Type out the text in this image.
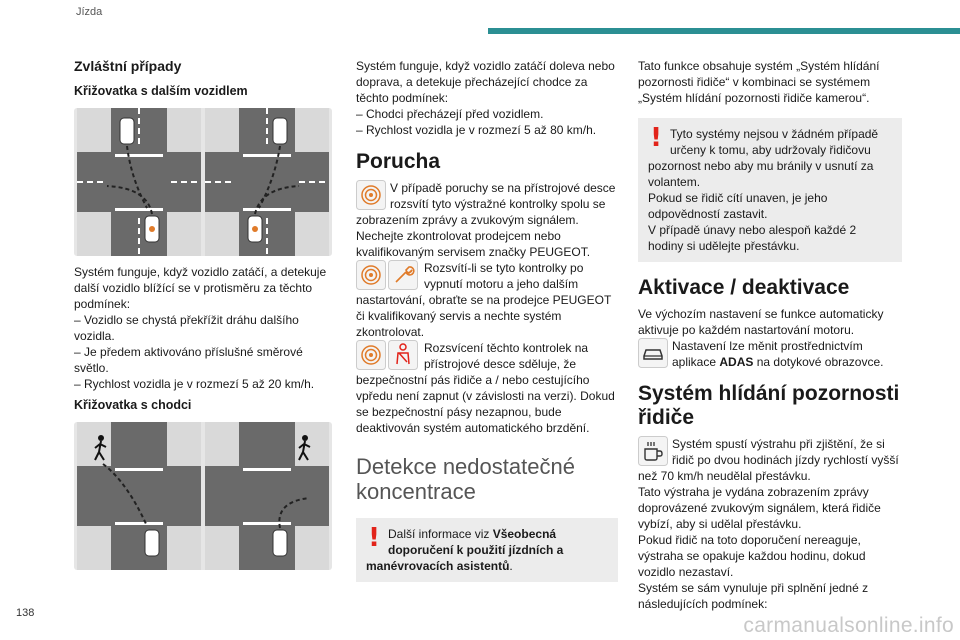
Jízda
Zvláštní případy
Křižovatka s dalším vozidlem
Systém funguje, když vozidlo zatáčí, a detekuje další vozidlo blížící se v protisměru za těchto podmínek:
– Vozidlo se chystá překřížit dráhu dalšího vozidla.
– Je předem aktivováno příslušné směrové světlo.
– Rychlost vozidla je v rozmezí 5 až 20 km/h.
Křižovatka s chodci
Systém funguje, když vozidlo zatáčí doleva nebo doprava, a detekuje přecházející chodce za těchto podmínek:
– Chodci přecházejí před vozidlem.
– Rychlost vozidla je v rozmezí 5 až 80 km/h.
Porucha
V případě poruchy se na přístrojové desce rozsvítí tyto výstražné kontrolky spolu se zobrazením zprávy a zvukovým signálem.
Nechejte zkontrolovat prodejcem nebo kvalifikovaným servisem značky PEUGEOT.
Rozsvítí-li se tyto kontrolky po vypnutí motoru a jeho dalším nastartování, obraťte se na prodejce PEUGEOT či kvalifikovaný servis a nechte systém zkontrolovat.
Rozsvícení těchto kontrolek na přístrojové desce sděluje, že bezpečnostní pás řidiče a / nebo cestujícího vpředu není zapnut (v závislosti na verzi). Dokud se bezpečnostní pásy nezapnou, bude deaktivován systém automatického brzdění.
Detekce nedostatečné koncentrace
! Další informace viz Všeobecná doporučení k použití jízdních a manévrovacích asistentů.
Tato funkce obsahuje systém „Systém hlídání pozornosti řidiče“ v kombinaci se systémem „Systém hlídání pozornosti řidiče kamerou“.
! Tyto systémy nejsou v žádném případě určeny k tomu, aby udržovaly řidičovu pozornost nebo aby mu bránily v usnutí za volantem.
Pokud se řidič cítí unaven, je jeho odpovědností zastavit.
V případě únavy nebo alespoň každé 2 hodiny si udělejte přestávku.
Aktivace / deaktivace
Ve výchozím nastavení se funkce automaticky aktivuje po každém nastartování motoru.
Nastavení lze měnit prostřednictvím aplikace ADAS na dotykové obrazovce.
Systém hlídání pozornosti řidiče
Systém spustí výstrahu při zjištění, že si řidič po dvou hodinách jízdy rychlostí vyšší než 70 km/h neudělal přestávku.
Tato výstraha je vydána zobrazením zprávy doprovázené zvukovým signálem, která řidiče vybízí, aby si udělal přestávku.
Pokud řidič na toto doporučení nereaguje, výstraha se opakuje každou hodinu, dokud vozidlo nezastaví.
Systém se sám vynuluje při splnění jedné z následujících podmínek:
138
carmanualsonline.info
